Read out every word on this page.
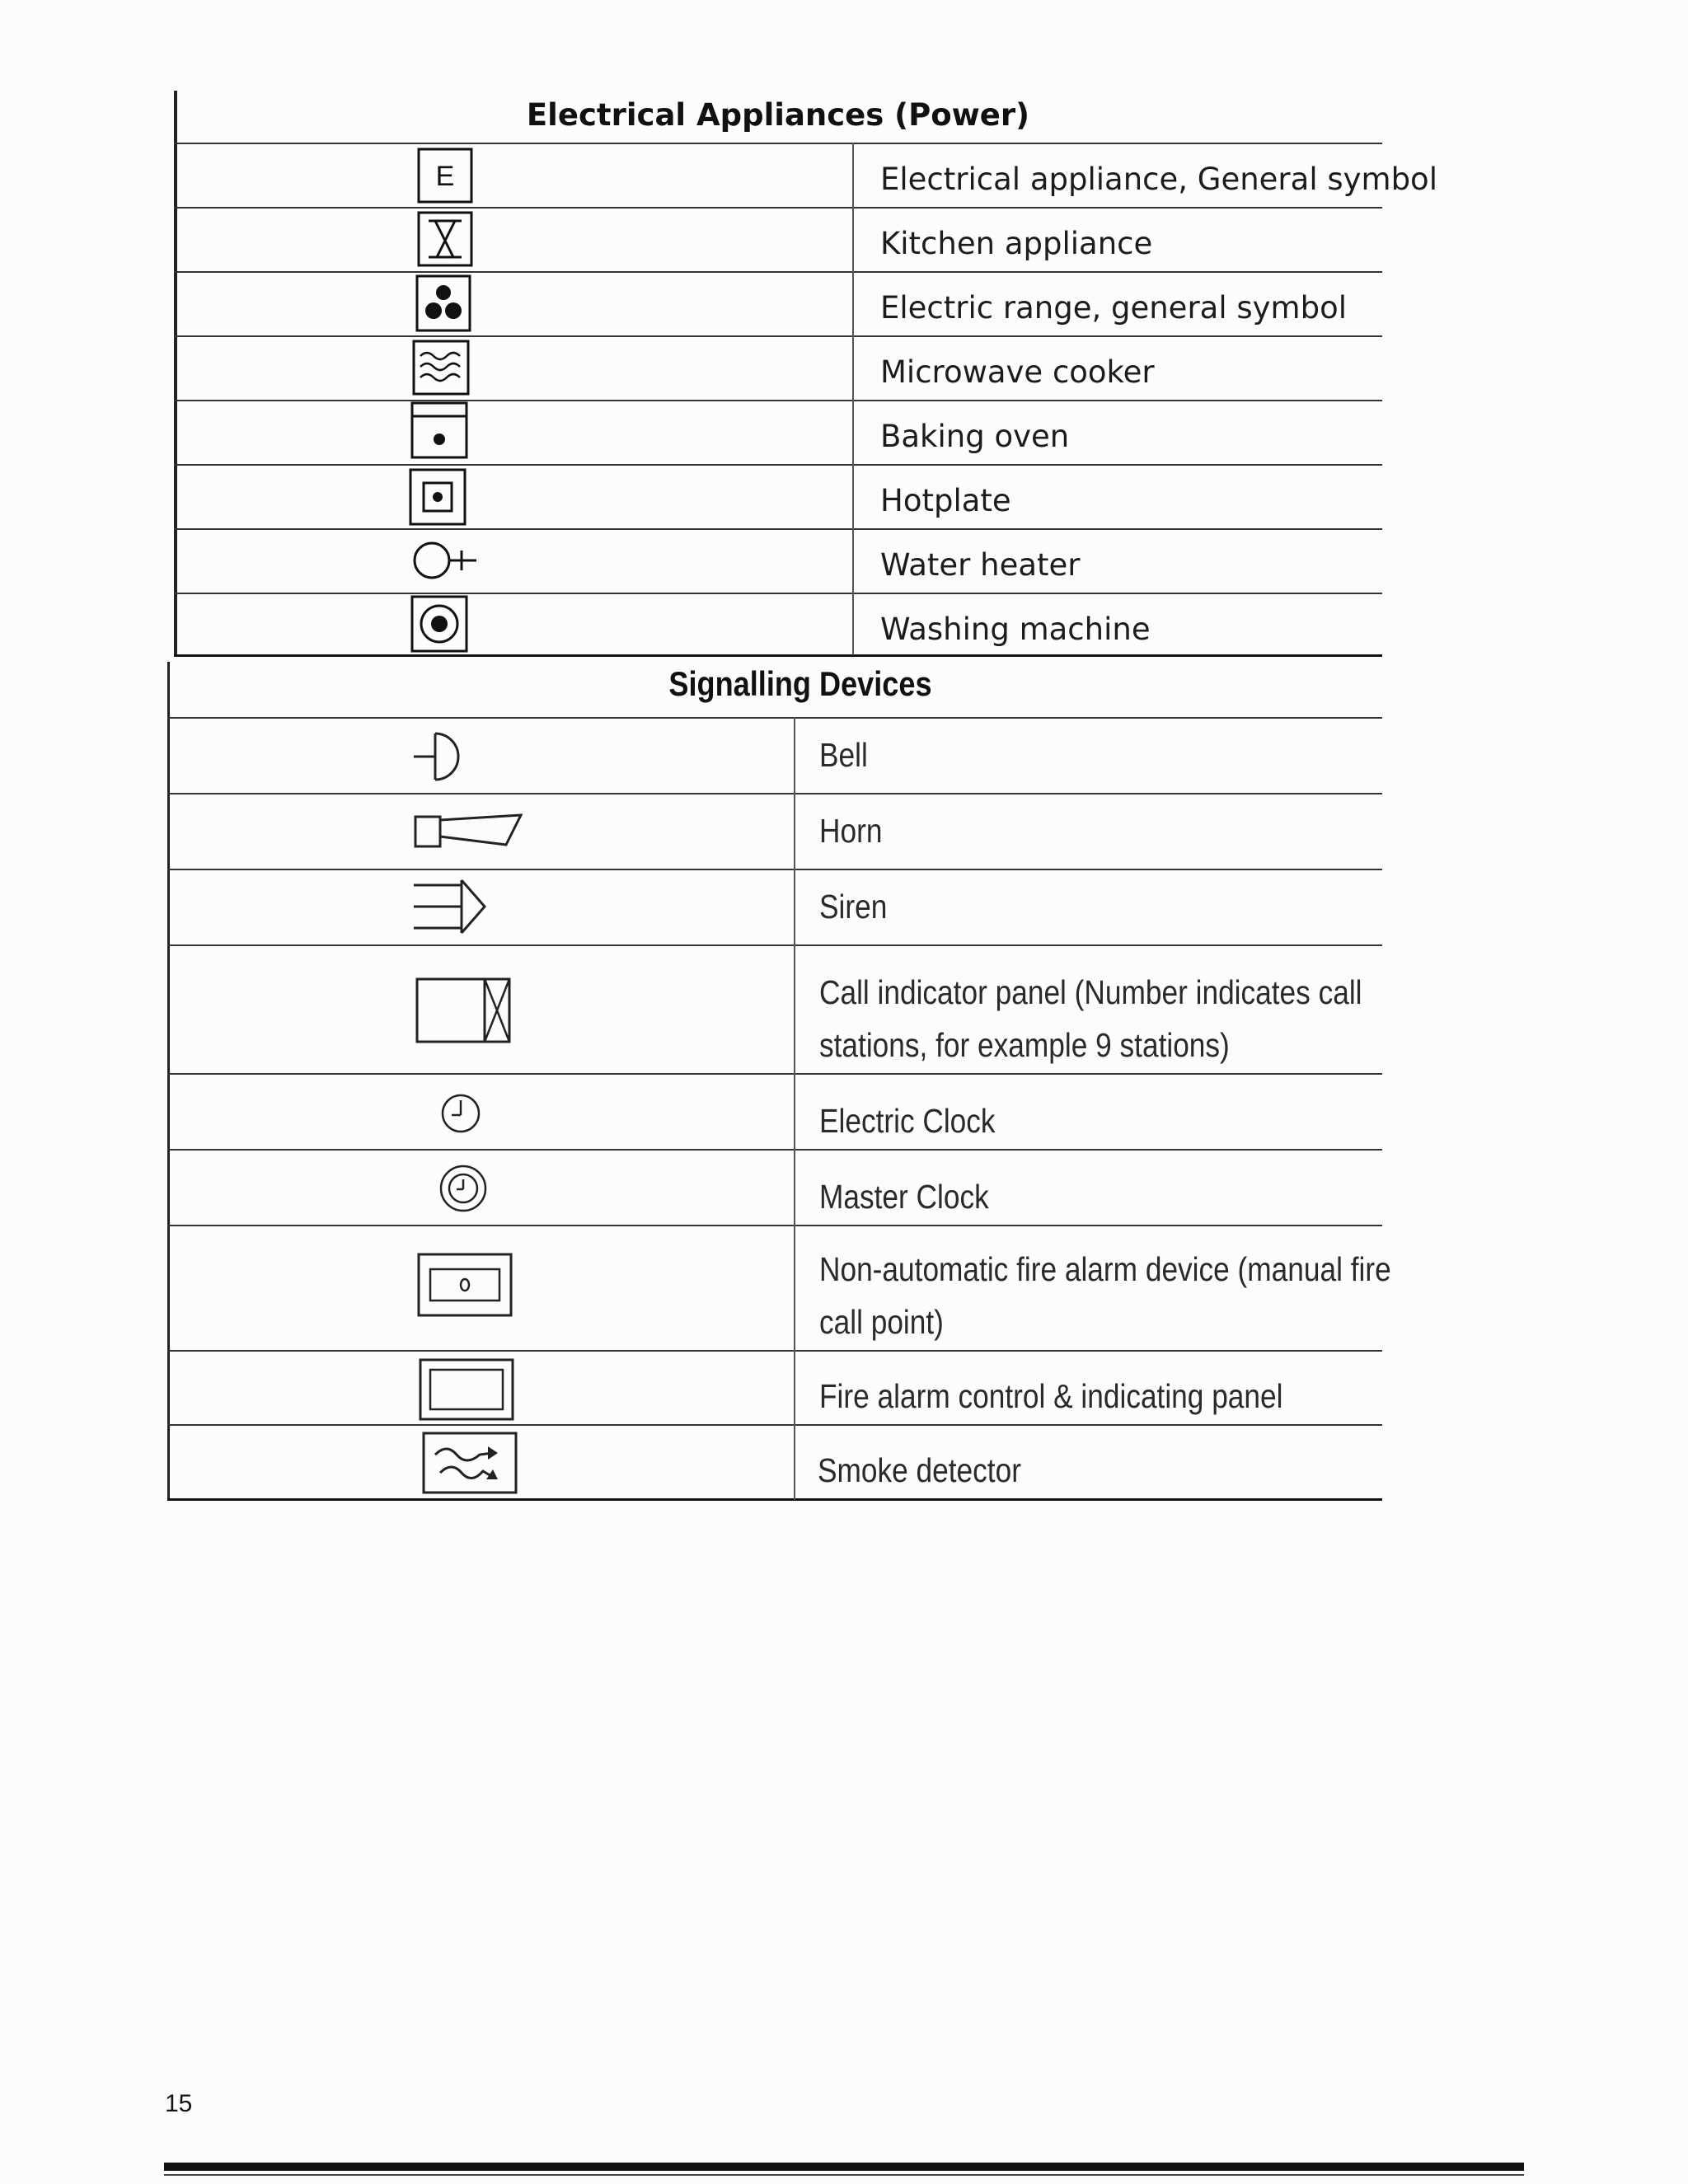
Electrical Appliances (Power)
E	Electrical appliance, General symbol
Kitchen appliance
Electric range, general symbol
Microwave cooker
Baking oven
Hotplate
Water heater
Washing machine
Signalling Devices
Bell
Horn
Siren
Call indicator panel (Number indicates call stations, for example 9 stations)
Electric Clock
Master Clock
Non-automatic fire alarm device (manual fire call point)
Fire alarm control & indicating panel
Smoke detector
15
